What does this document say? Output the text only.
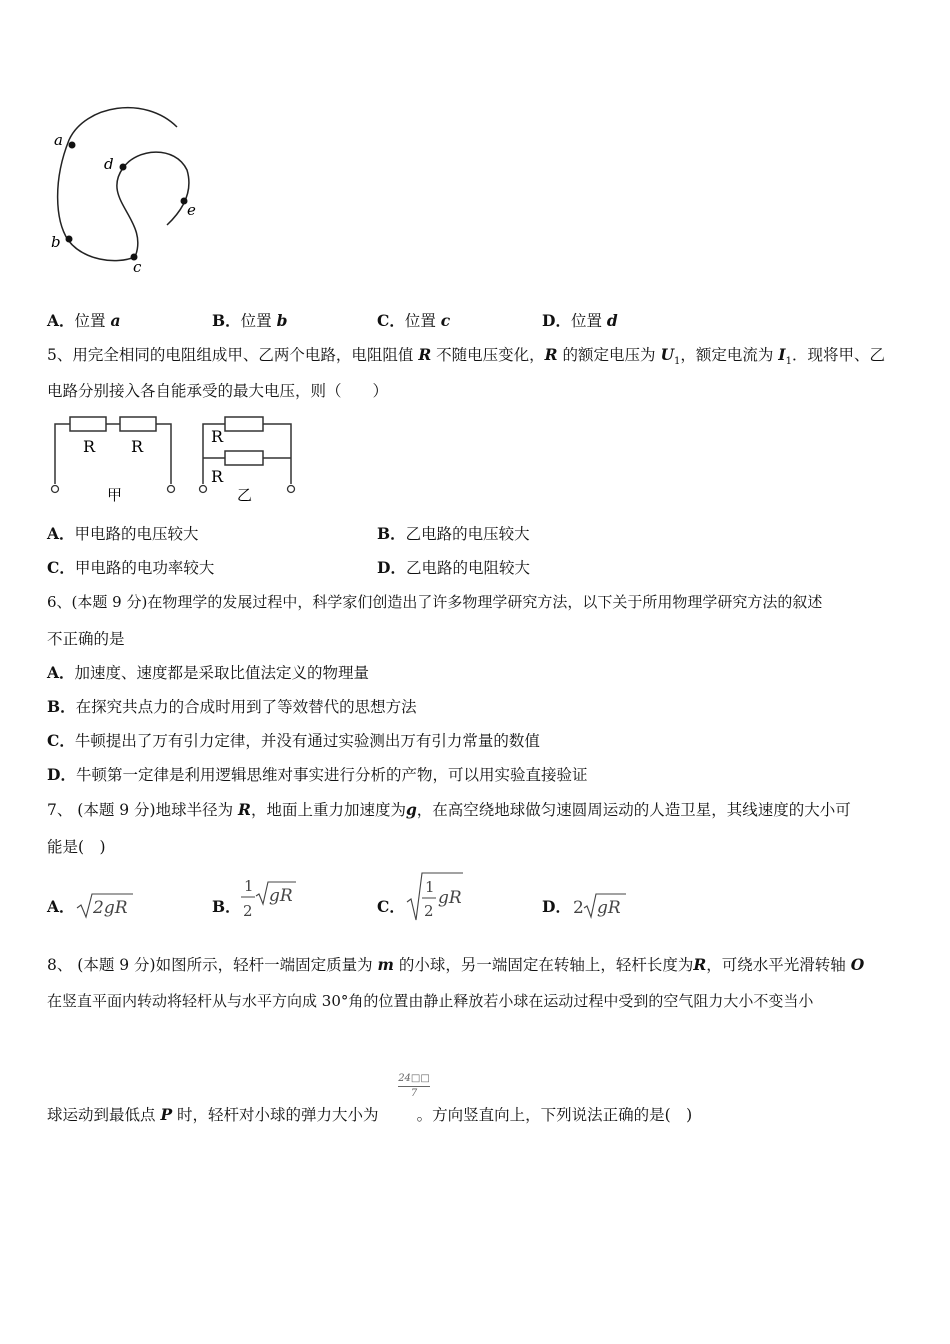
a
b
c
d
e
A．位置 a	B．位置 b	C．位置 c	D．位置 d
5、用完全相同的电阻组成甲、乙两个电路，电阻阻值 R 不随电压变化，R 的额定电压为 $U_1$，额定电流为 $I_1$．现将甲、乙
电路分别接入各自能承受的最大电压，则（　　）
R R
甲
R
R
乙
A．甲电路的电压较大	B．乙电路的电压较大
C．甲电路的电功率较大	D．乙电路的电阻较大
6、(本题 9 分)在物理学的发展过程中，科学家们创造出了许多物理学研究方法，以下关于所用物理学研究方法的叙述
不正确的是
A．加速度、速度都是采取比值法定义的物理量
B．在探究共点力的合成时用到了等效替代的思想方法
C．牛顿提出了万有引力定律，并没有通过实验测出万有引力常量的数值
D．牛顿第一定律是利用逻辑思维对事实进行分析的产物，可以用实验直接验证
7、 (本题 9 分)地球半径为 R，地面上重力加速度为g，在高空绕地球做匀速圆周运动的人造卫星，其线速度的大小可
能是(　)
A． 2gR	B．
1
2
gR
C．
1
2
gR	D． 2 gR
8、 (本题 9 分)如图所示，轻杆一端固定质量为 m 的小球，另一端固定在转轴上，轻杆长度为R，可绕水平光滑转轴 O
在竖直平面内转动将轻杆从与水平方向成 30°角的位置由静止释放若小球在运动过程中受到的空气阻力大小不变当小
24□□
7
球运动到最低点 P 时，轻杆对小球的弹力大小为 。方向竖直向上，下列说法正确的是(　)
